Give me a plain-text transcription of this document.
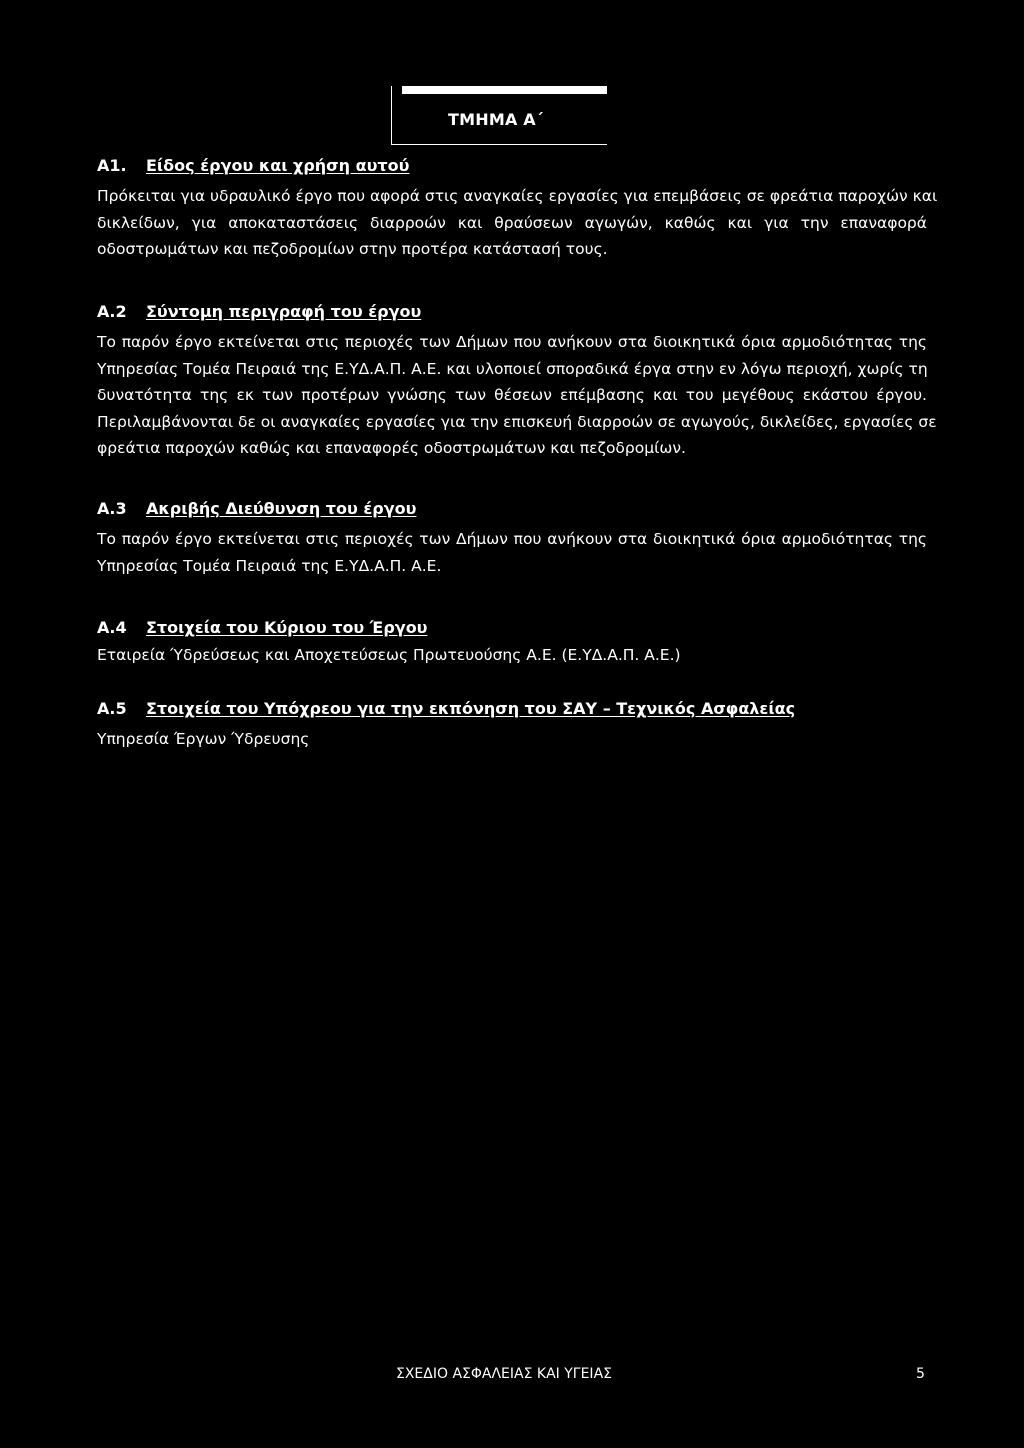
ΤΜΗΜΑ Α΄
Α1. Είδος έργου και χρήση αυτού
Πρόκειται για υδραυλικό έργο που αφορά στις αναγκαίες εργασίες για επεμβάσεις σε φρεάτια παροχών και
δικλείδων, για αποκαταστάσεις διαρροών και θραύσεων αγωγών, καθώς και για την επαναφορά
οδοστρωμάτων και πεζοδρομίων στην προτέρα κατάστασή τους.
Α.2 Σύντομη περιγραφή του έργου
Το παρόν έργο εκτείνεται στις περιοχές των Δήμων που ανήκουν στα διοικητικά όρια αρμοδιότητας της
Υπηρεσίας Τομέα Πειραιά της Ε.ΥΔ.Α.Π. Α.Ε. και υλοποιεί σποραδικά έργα στην εν λόγω περιοχή, χωρίς τη
δυνατότητα της εκ των προτέρων γνώσης των θέσεων επέμβασης και του μεγέθους εκάστου έργου.
Περιλαμβάνονται δε οι αναγκαίες εργασίες για την επισκευή διαρροών σε αγωγούς, δικλείδες, εργασίες σε
φρεάτια παροχών καθώς και επαναφορές οδοστρωμάτων και πεζοδρομίων.
Α.3 Ακριβής Διεύθυνση του έργου
Το παρόν έργο εκτείνεται στις περιοχές των Δήμων που ανήκουν στα διοικητικά όρια αρμοδιότητας της
Υπηρεσίας Τομέα Πειραιά της Ε.ΥΔ.Α.Π. Α.Ε.
Α.4 Στοιχεία του Κύριου του Έργου
Εταιρεία Ύδρεύσεως και Αποχετεύσεως Πρωτευούσης Α.Ε. (Ε.ΥΔ.Α.Π. Α.Ε.)
Α.5 Στοιχεία του Υπόχρεου για την εκπόνηση του ΣΑΥ – Τεχνικός Ασφαλείας
Υπηρεσία Έργων Ύδρευσης
ΣΧΕΔΙΟ ΑΣΦΑΛΕΙΑΣ ΚΑΙ ΥΓΕΙΑΣ	5
